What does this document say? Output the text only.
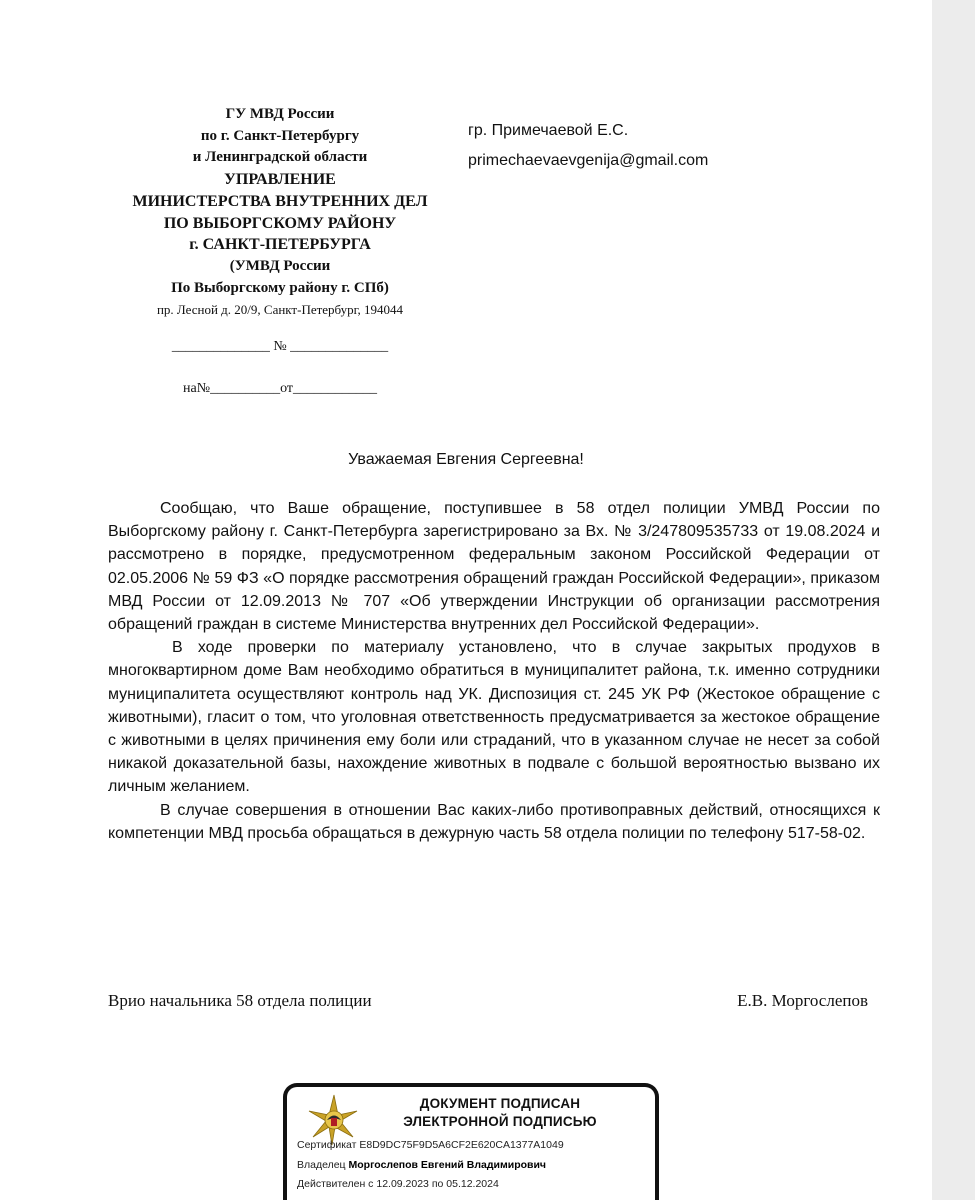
ГУ МВД России
по г. Санкт-Петербургу
и Ленинградской области
УПРАВЛЕНИЕ
МИНИСТЕРСТВА ВНУТРЕННИХ ДЕЛ
ПО ВЫБОРГСКОМУ РАЙОНУ
г. САНКТ-ПЕТЕРБУРГА
(УМВД России
По Выборгскому району г. СПб)
пр. Лесной д. 20/9, Санкт-Петербург, 194044
______________ № ______________
на№__________от____________
гр. Примечаевой Е.С.
primechaevaevgenija@gmail.com
Уважаемая Евгения Сергеевна!

Сообщаю, что Ваше обращение, поступившее в 58 отдел полиции УМВД России по Выборгскому району г. Санкт-Петербурга зарегистрировано за Вх. № 3/247809535733 от 19.08.2024 и рассмотрено в порядке, предусмотренном федеральным законом Российской Федерации от 02.05.2006 № 59 ФЗ «О порядке рассмотрения обращений граждан Российской Федерации», приказом МВД России от 12.09.2013 № 707 «Об утверждении Инструкции об организации рассмотрения обращений граждан в системе Министерства внутренних дел Российской Федерации».

В ходе проверки по материалу установлено, что в случае закрытых продухов в многоквартирном доме Вам необходимо обратиться в муниципалитет района, т.к. именно сотрудники муниципалитета осуществляют контроль над УК. Диспозиция ст. 245 УК РФ (Жестокое обращение с животными), гласит о том, что уголовная ответственность предусматривается за жестокое обращение с животными в целях причинения ему боли или страданий, что в указанном случае не несет за собой никакой доказательной базы, нахождение животных в подвале с большой вероятностью вызвано их личным желанием.

В случае совершения в отношении Вас каких-либо противоправных действий, относящихся к компетенции МВД просьба обращаться в дежурную часть 58 отдела полиции по телефону 517-58-02.

Врио начальника 58 отдела полиции	Е.В. Моргослепов
ДОКУМЕНТ ПОДПИСАН
ЭЛЕКТРОННОЙ ПОДПИСЬЮ
Сертификат E8D9DC75F9D5A6CF2E620CA1377A1049
Владелец Моргослепов Евгений Владимирович
Действителен с 12.09.2023 по 05.12.2024
